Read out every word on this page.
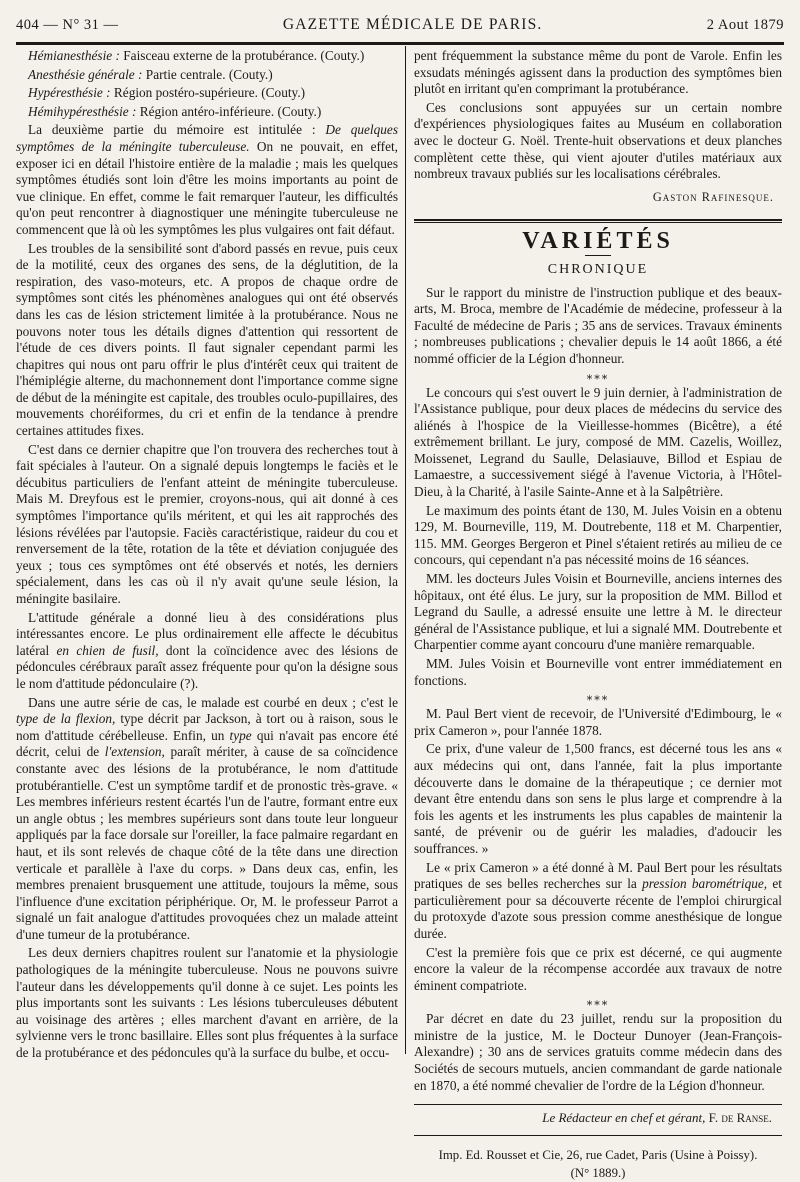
404 — N° 31 —	GAZETTE MÉDICALE DE PARIS.	2 Aout 1879

Hémianesthésie : Faisceau externe de la protubérance. (Couty.)

Anesthésie générale : Partie centrale. (Couty.)

Hypéresthésie : Région postéro-supérieure. (Couty.)

Hémihypéresthésie : Région antéro-inférieure. (Couty.)

La deuxième partie du mémoire est intitulée : De quelques symptômes de la méningite tuberculeuse. On ne pouvait, en effet, exposer ici en détail l'histoire entière de la maladie ; mais les quelques symptômes étudiés sont loin d'être les moins importants au point de vue clinique. En effet, comme le fait remarquer l'auteur, les difficultés qu'on peut rencontrer à diagnostiquer une méningite tuberculeuse ne commencent que là où les symptômes les plus vulgaires ont fait défaut.

Les troubles de la sensibilité sont d'abord passés en revue, puis ceux de la motilité, ceux des organes des sens, de la déglutition, de la respiration, des vaso-moteurs, etc. A propos de chaque ordre de symptômes sont cités les phénomènes analogues qui ont été observés dans les cas de lésion strictement limitée à la protubérance. Nous ne pouvons noter tous les détails dignes d'attention qui ressortent de l'étude de ces divers points. Il faut signaler cependant parmi les chapitres qui nous ont paru offrir le plus d'intérêt ceux qui traitent de l'hémiplégie alterne, du machonnement dont l'importance comme signe de début de la méningite est capitale, des troubles oculo-pupillaires, des mouvements choréiformes, du cri et enfin de la tendance à prendre certaines attitudes fixes.

C'est dans ce dernier chapitre que l'on trouvera des recherches tout à fait spéciales à l'auteur. On a signalé depuis longtemps le faciès et le décubitus particuliers de l'enfant atteint de méningite tuberculeuse. Mais M. Dreyfous est le premier, croyons-nous, qui ait donné à ces symptômes l'importance qu'ils méritent, et qui les ait rapprochés des lésions révélées par l'autopsie. Faciès caractéristique, raideur du cou et renversement de la tête, rotation de la tête et déviation conjuguée des yeux ; tous ces symptômes ont été observés et notés, les derniers spécialement, dans les cas où il n'y avait qu'une seule lésion, la méningite basilaire.

L'attitude générale a donné lieu à des considérations plus intéressantes encore. Le plus ordinairement elle affecte le décubitus latéral en chien de fusil, dont la coïncidence avec des lésions de pédoncules cérébraux paraît assez fréquente pour qu'on la désigne sous le nom d'attitude pédonculaire (?).

Dans une autre série de cas, le malade est courbé en deux ; c'est le type de la flexion, type décrit par Jackson, à tort ou à raison, sous le nom d'attitude cérébelleuse. Enfin, un type qui n'avait pas encore été décrit, celui de l'extension, paraît mériter, à cause de sa coïncidence constante avec des lésions de la protubérance, le nom d'attitude protubérantielle. C'est un symptôme tardif et de pronostic très-grave. « Les membres inférieurs restent écartés l'un de l'autre, formant entre eux un angle obtus ; les membres supérieurs sont dans toute leur longueur appliqués par la face dorsale sur l'oreiller, la face palmaire regardant en haut, et ils sont relevés de chaque côté de la tête dans une direction verticale et parallèle à l'axe du corps. » Dans deux cas, enfin, les membres prenaient brusquement une attitude, toujours la même, sous l'influence d'une excitation périphérique. Or, M. le professeur Parrot a signalé un fait analogue d'attitudes provoquées chez un malade atteint d'une tumeur de la protubérance.

Les deux derniers chapitres roulent sur l'anatomie et la physiologie pathologiques de la méningite tuberculeuse. Nous ne pouvons suivre l'auteur dans les développements qu'il donne à ce sujet. Les points les plus importants sont les suivants : Les lésions tuberculeuses débutent au voisinage des artères ; elles marchent d'avant en arrière, de la sylvienne vers le tronc basillaire. Elles sont plus fréquentes à la surface de la protubérance et des pédoncules qu'à la surface du bulbe, et occu-

pent fréquemment la substance même du pont de Varole. Enfin les exsudats méningés agissent dans la production des symptômes bien plutôt en irritant qu'en comprimant la protubérance.

Ces conclusions sont appuyées sur un certain nombre d'expériences physiologiques faites au Muséum en collaboration avec le docteur G. Noël. Trente-huit observations et deux planches complètent cette thèse, qui vient ajouter d'utiles matériaux aux nombreux travaux publiés sur les localisations cérébrales.

Gaston Rafinesque.
VARIÉTÉS
CHRONIQUE

Sur le rapport du ministre de l'instruction publique et des beaux-arts, M. Broca, membre de l'Académie de médecine, professeur à la Faculté de médecine de Paris ; 35 ans de services. Travaux éminents ; nombreuses publications ; chevalier depuis le 14 août 1866, a été nommé officier de la Légion d'honneur.

⁎⁎⁎

Le concours qui s'est ouvert le 9 juin dernier, à l'administration de l'Assistance publique, pour deux places de médecins du service des aliénés à l'hospice de la Vieillesse-hommes (Bicêtre), a été extrêmement brillant. Le jury, composé de MM. Cazelis, Woillez, Moissenet, Legrand du Saulle, Delasiauve, Billod et Espiau de Lamaestre, a successivement siégé à l'avenue Victoria, à l'Hôtel-Dieu, à la Charité, à l'asile Sainte-Anne et à la Salpêtrière.

Le maximum des points étant de 130, M. Jules Voisin en a obtenu 129, M. Bourneville, 119, M. Doutrebente, 118 et M. Charpentier, 115. MM. Georges Bergeron et Pinel s'étaient retirés au milieu de ce concours, qui cependant n'a pas nécessité moins de 16 séances.

MM. les docteurs Jules Voisin et Bourneville, anciens internes des hôpitaux, ont été élus. Le jury, sur la proposition de MM. Billod et Legrand du Saulle, a adressé ensuite une lettre à M. le directeur général de l'Assistance publique, et lui a signalé MM. Doutrebente et Charpentier comme ayant concouru d'une manière remarquable.

MM. Jules Voisin et Bourneville vont entrer immédiatement en fonctions.

⁎⁎⁎

M. Paul Bert vient de recevoir, de l'Université d'Edimbourg, le « prix Cameron », pour l'année 1878.

Ce prix, d'une valeur de 1,500 francs, est décerné tous les ans « aux médecins qui ont, dans l'année, fait la plus importante découverte dans le domaine de la thérapeutique ; ce dernier mot devant être entendu dans son sens le plus large et comprendre à la fois les agents et les instruments les plus capables de maintenir la santé, de prévenir ou de guérir les maladies, d'adoucir les souffrances. »

Le « prix Cameron » a été donné à M. Paul Bert pour les résultats pratiques de ses belles recherches sur la pression barométrique, et particulièrement pour sa découverte récente de l'emploi chirurgical du protoxyde d'azote sous pression comme anesthésique de longue durée.

C'est la première fois que ce prix est décerné, ce qui augmente encore la valeur de la récompense accordée aux travaux de notre éminent compatriote.

⁎⁎⁎

Par décret en date du 23 juillet, rendu sur la proposition du ministre de la justice, M. le Docteur Dunoyer (Jean-François-Alexandre) ; 30 ans de services gratuits comme médecin dans des Sociétés de secours mutuels, ancien commandant de garde nationale en 1870, a été nommé chevalier de l'ordre de la Légion d'honneur.

Le Rédacteur en chef et gérant, F. de Ranse.
Imp. Ed. Rousset et Cie, 26, rue Cadet, Paris (Usine à Poissy).
(N° 1889.)
